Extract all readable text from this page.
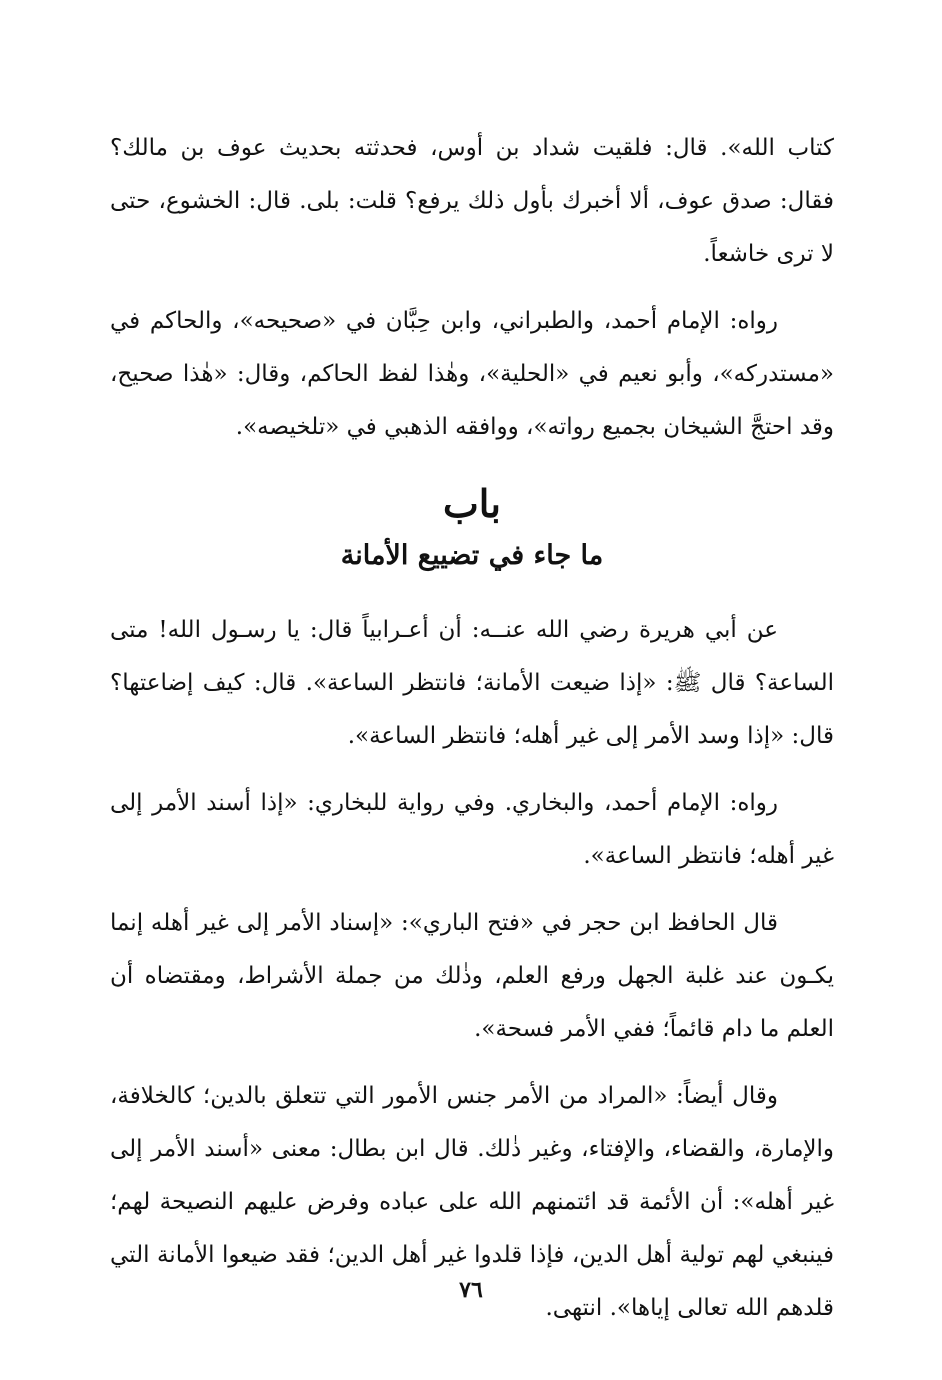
كتاب الله». قال: فلقيت شداد بن أوس، فحدثته بحديث عوف بن مالك؟ فقال: صدق عوف، ألا أخبرك بأول ذلك يرفع؟ قلت: بلى. قال: الخشوع، حتى لا ترى خاشعاً.

رواه: الإمام أحمد، والطبراني، وابن حِبَّان في «صحيحه»، والحاكم في «مستدركه»، وأبو نعيم في «الحلية»، وهٰذا لفظ الحاكم، وقال: «هٰذا صحيح، وقد احتجَّ الشيخان بجميع رواته»، ووافقه الذهبي في «تلخيصه».

باب
ما جاء في تضييع الأمانة

عن أبي هريرة رضي الله عنــه: أن أعـرابياً قال: يا رسـول الله! متى الساعة؟ قال ﷺ: «إذا ضيعت الأمانة؛ فانتظر الساعة». قال: كيف إضاعتها؟ قال: «إذا وسد الأمر إلى غير أهله؛ فانتظر الساعة».

رواه: الإمام أحمد، والبخاري. وفي رواية للبخاري: «إذا أسند الأمر إلى غير أهله؛ فانتظر الساعة».

قال الحافظ ابن حجر في «فتح الباري»: «إسناد الأمر إلى غير أهله إنما يكـون عند غلبة الجهل ورفع العلم، وذٰلك من جملة الأشراط، ومقتضاه أن العلم ما دام قائماً؛ ففي الأمر فسحة».

وقال أيضاً: «المراد من الأمر جنس الأمور التي تتعلق بالدين؛ كالخلافة، والإمارة، والقضاء، والإفتاء، وغير ذٰلك. قال ابن بطال: معنى «أسند الأمر إلى غير أهله»: أن الأئمة قد ائتمنهم الله على عباده وفرض عليهم النصيحة لهم؛ فينبغي لهم تولية أهل الدين، فإذا قلدوا غير أهل الدين؛ فقد ضيعوا الأمانة التي قلدهم الله تعالى إياها». انتهى.

٧٦
